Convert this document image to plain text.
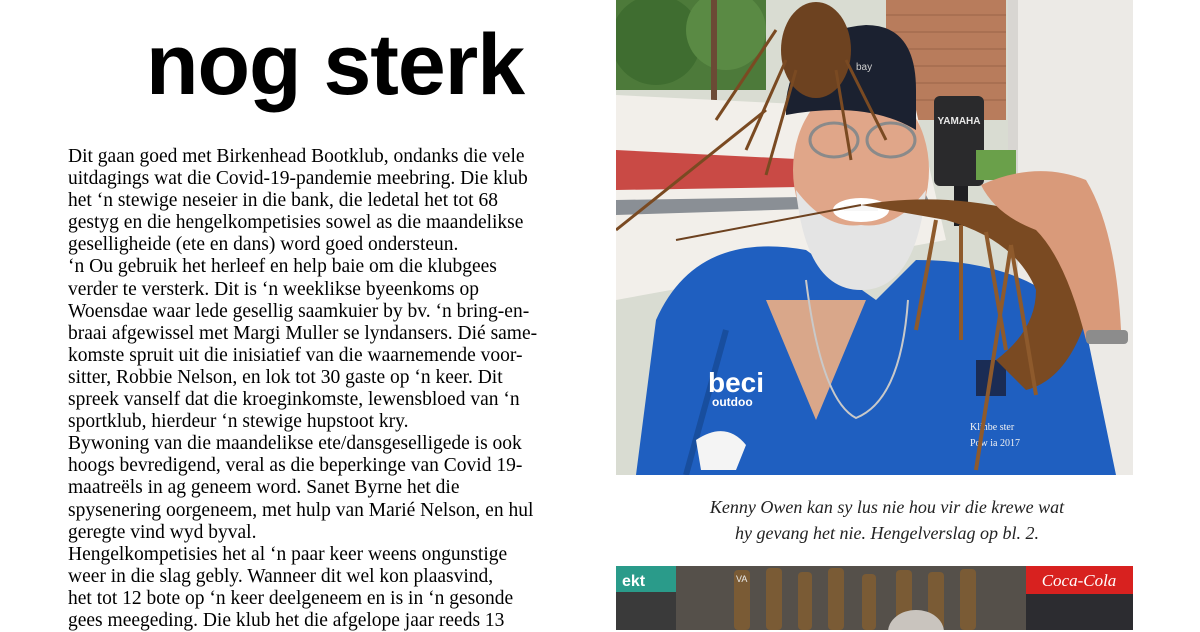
nog sterk

Dit gaan goed met Birkenhead Bootklub, ondanks die vele
uitdagings wat die Covid-19-pandemie meebring. Die klub
het ‘n stewige neseier in die bank, die ledetal het tot 68
gestyg en die hengelkompetisies sowel as die maandelikse
geselligheide (ete en dans) word goed ondersteun.

‘n Ou gebruik het herleef en help baie om die klubgees
verder te versterk. Dit is ‘n weeklikse byeenkoms op
Woensdae waar lede gesellig saamkuier by bv. ‘n bring-en-
braai afgewissel met Margi Muller se lyndansers. Dié same-
komste spruit uit die inisiatief van die waarnemende voor-
sitter, Robbie Nelson, en lok tot 30 gaste op ‘n keer. Dit
spreek vanself dat die kroeginkomste, lewensbloed van ‘n
sportklub, hierdeur ‘n stewige hupstoot kry.

Bywoning van die maandelikse ete/dansgeselligede is ook
hoogs bevredigend, veral as die beperkinge van Covid 19-
maatreëls in ag geneem word. Sanet Byrne het die
spysenering oorgeneem, met hulp van Marié Nelson, en hul
geregte vind wyd byval.

Hengelkompetisies het al ‘n paar keer weens ongunstige
weer in die slag gebly. Wanneer dit wel kon plaasvind,
het tot 12 bote op ‘n keer deelgeneem en is in ‘n gesonde
gees meegeding. Die klub het die afgelope jaar reeds 13

YAMAHA
beci
outdoo
Klinbe ster
Pow ia 2017
bay
Kenny Owen kan sy lus nie hou vir die krewe wat
hy gevang het nie. Hengelverslag op bl. 2.
ekt	VA	Coca-Cola
